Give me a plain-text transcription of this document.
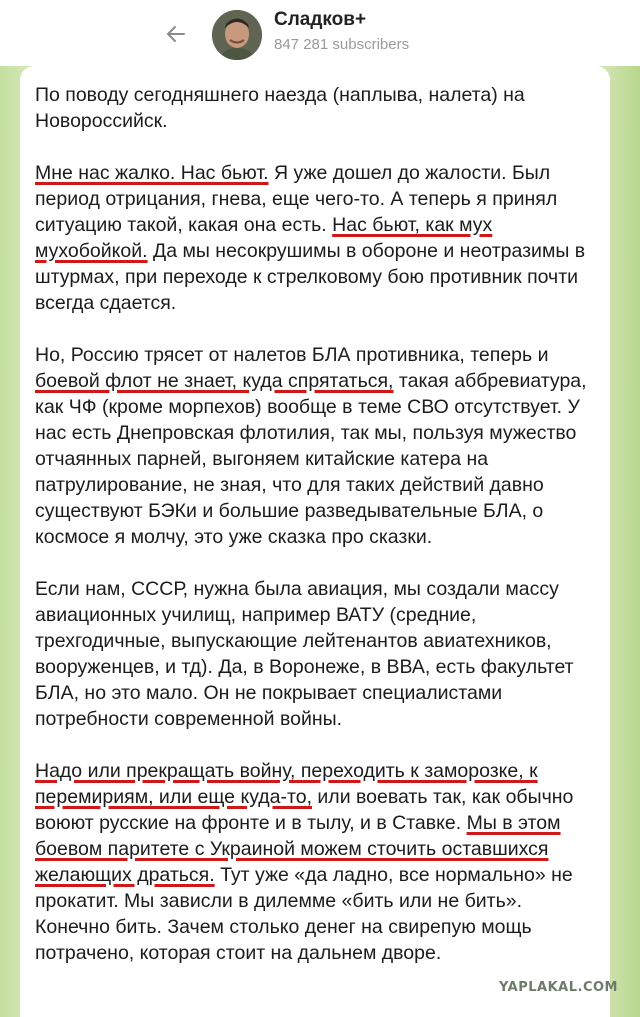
Сладков+
847 281 subscribers

По поводу сегодняшнего наезда (наплыва, налета) на Новороссийск.

Мне нас жалко. Нас бьют. Я уже дошел до жалости. Был период отрицания, гнева, еще чего-то. А теперь я принял ситуацию такой, какая она есть. Нас бьют, как мух мухобойкой. Да мы несокрушимы в обороне и неотразимы в штурмах, при переходе к стрелковому бою противник почти всегда сдается.

Но, Россию трясет от налетов БЛА противника, теперь и боевой флот не знает, куда спрятаться, такая аббревиатура, как ЧФ (кроме морпехов) вообще в теме СВО отсутствует. У нас есть Днепровская флотилия, так мы, пользуя мужество отчаянных парней, выгоняем китайские катера на патрулирование, не зная, что для таких действий давно существуют БЭКи и большие разведывательные БЛА, о космосе я молчу, это уже сказка про сказки.

Если нам, СССР, нужна была авиация, мы создали массу авиационных училищ, например ВАТУ (средние, трехгодичные, выпускающие лейтенантов авиатехников, вооруженцев, и тд). Да, в Воронеже, в ВВА, есть факультет БЛА, но это мало. Он не покрывает специалистами потребности современной войны.

Надо или прекращать войну, переходить к заморозке, к перемириям, или еще куда-то, или воевать так, как обычно воюют русские на фронте и в тылу, и в Ставке. Мы в этом боевом паритете с Украиной можем сточить оставшихся желающих драться. Тут уже «да ладно, все нормально» не прокатит. Мы зависли в дилемме «бить или не бить». Конечно бить. Зачем столько денег на свирепую мощь потрачено, которая стоит на дальнем дворе.

YAPLAKAL.COM
